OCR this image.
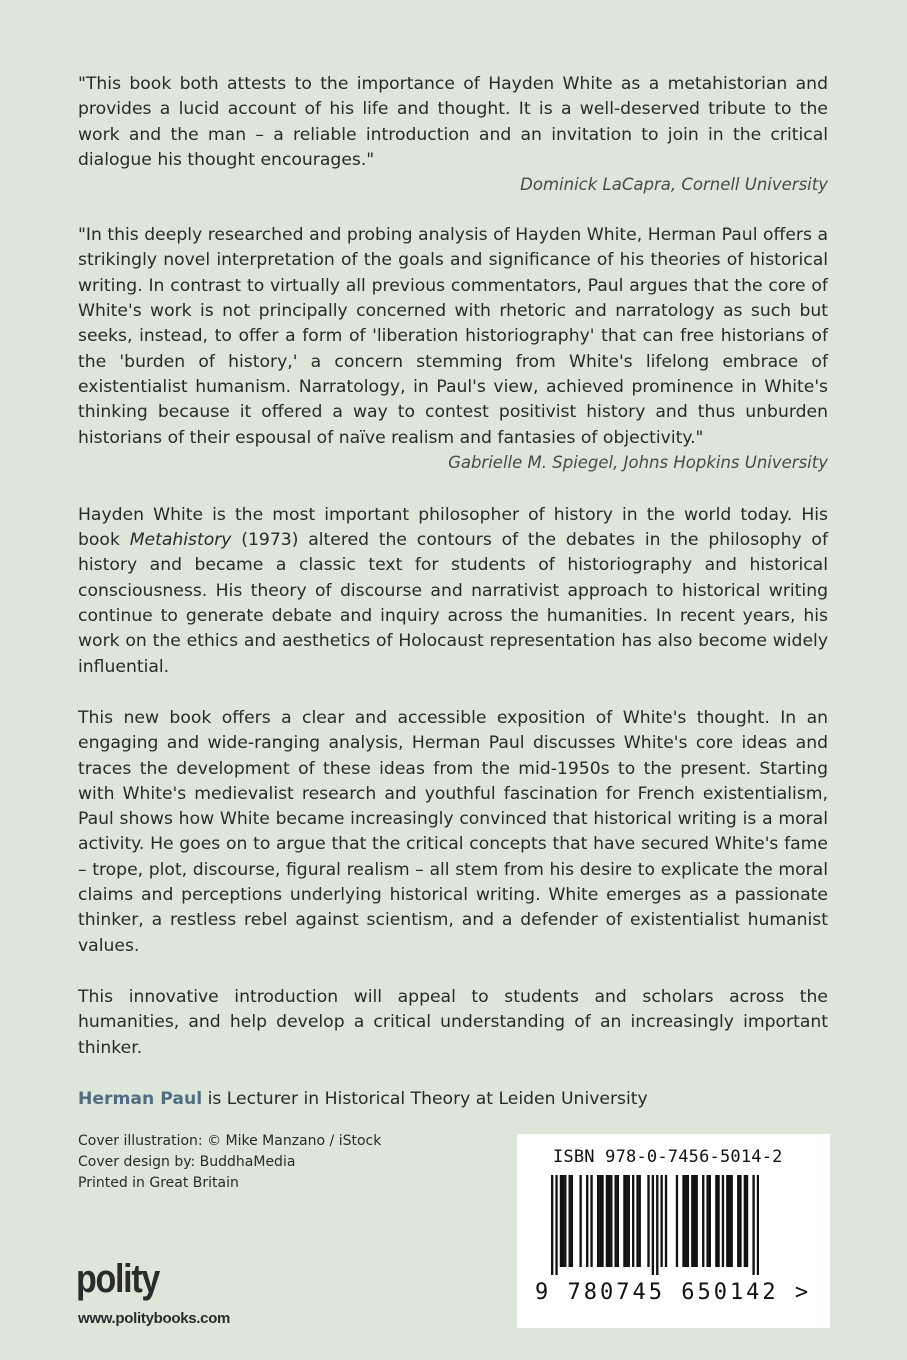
"This book both attests to the importance of Hayden White as a metahistorian and provides a lucid account of his life and thought. It is a well-deserved tribute to the work and the man – a reliable introduction and an invitation to join in the critical dialogue his thought encourages."

Dominick LaCapra, Cornell University

"In this deeply researched and probing analysis of Hayden White, Herman Paul offers a strikingly novel interpretation of the goals and significance of his theories of historical writing. In contrast to virtually all previous commentators, Paul argues that the core of White's work is not principally concerned with rhetoric and narratology as such but seeks, instead, to offer a form of 'liberation historiography' that can free historians of the 'burden of history,' a concern stemming from White's lifelong embrace of existentialist humanism. Narratology, in Paul's view, achieved prominence in White's thinking because it offered a way to contest positivist history and thus unburden historians of their espousal of naïve realism and fantasies of objectivity."

Gabrielle M. Spiegel, Johns Hopkins University

Hayden White is the most important philosopher of history in the world today. His book Metahistory (1973) altered the contours of the debates in the philosophy of history and became a classic text for students of historiography and historical consciousness. His theory of discourse and narrativist approach to historical writing continue to generate debate and inquiry across the humanities. In recent years, his work on the ethics and aesthetics of Holocaust representation has also become widely influential.

This new book offers a clear and accessible exposition of White's thought. In an engaging and wide-ranging analysis, Herman Paul discusses White's core ideas and traces the development of these ideas from the mid-1950s to the present. Starting with White's medievalist research and youthful fascination for French existentialism, Paul shows how White became increasingly convinced that historical writing is a moral activity. He goes on to argue that the critical concepts that have secured White's fame – trope, plot, discourse, figural realism – all stem from his desire to explicate the moral claims and perceptions underlying historical writing. White emerges as a passionate thinker, a restless rebel against scientism, and a defender of existentialist humanist values.

This innovative introduction will appeal to students and scholars across the humanities, and help develop a critical understanding of an increasingly important thinker.

Herman Paul is Lecturer in Historical Theory at Leiden University

Cover illustration: © Mike Manzano / iStock
Cover design by: BuddhaMedia
Printed in Great Britain
polity
www.politybooks.com
ISBN 978-0-7456-5014-2
9 780745 650142 >
